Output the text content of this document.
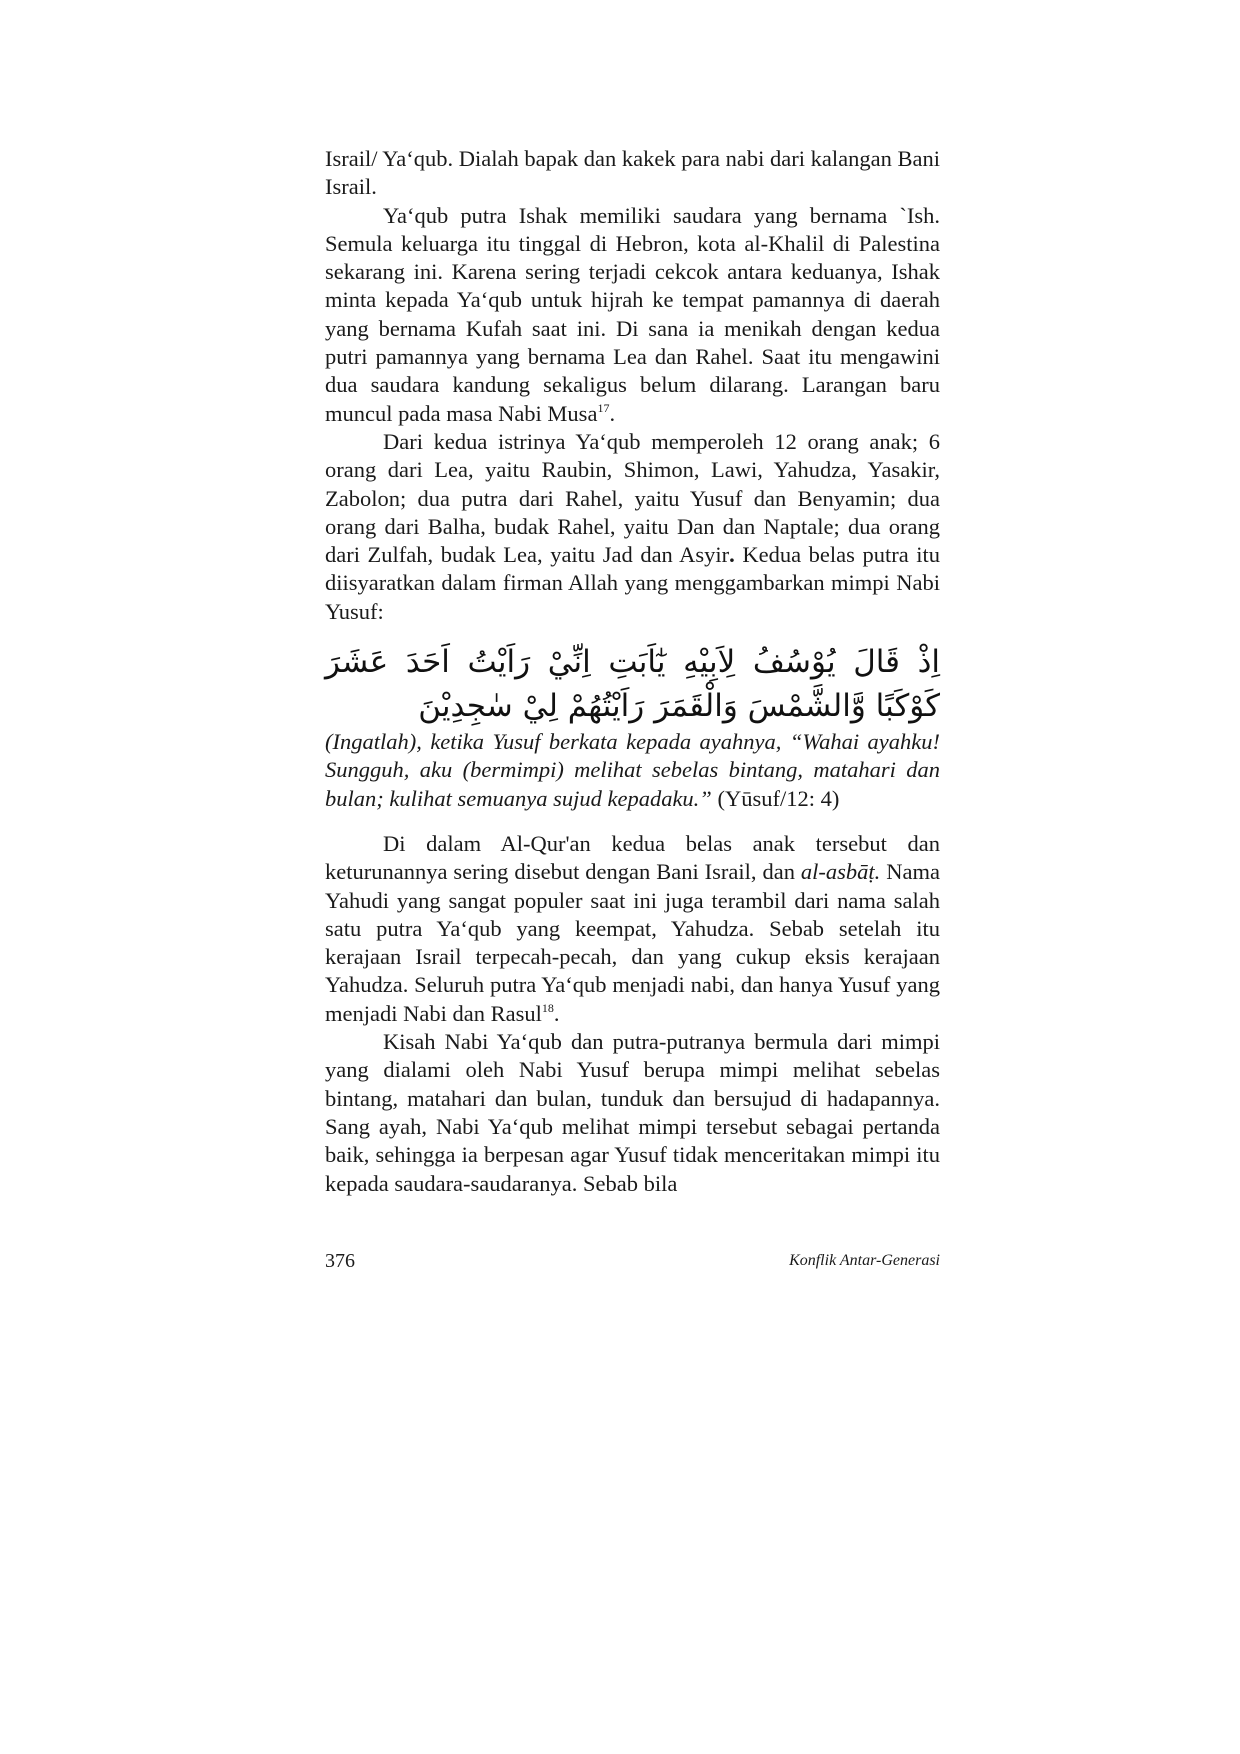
Israil/ Yaʻqub. Dialah bapak dan kakek para nabi dari kalangan Bani Israil.

Yaʻqub putra Ishak memiliki saudara yang bernama `Ish. Semula keluarga itu tinggal di Hebron, kota al-Khalil di Palestina sekarang ini. Karena sering terjadi cekcok antara keduanya, Ishak minta kepada Yaʻqub untuk hijrah ke tempat pamannya di daerah yang bernama Kufah saat ini. Di sana ia menikah dengan kedua putri pamannya yang bernama Lea dan Rahel. Saat itu mengawini dua saudara kandung sekaligus belum dilarang. Larangan baru muncul pada masa Nabi Musa$^{17}$.

Dari kedua istrinya Yaʻqub memperoleh 12 orang anak; 6 orang dari Lea, yaitu Raubin, Shimon, Lawi, Yahudza, Yasakir, Zabolon; dua putra dari Rahel, yaitu Yusuf dan Benyamin; dua orang dari Balha, budak Rahel, yaitu Dan dan Naptale; dua orang dari Zulfah, budak Lea, yaitu Jad dan Asyir. Kedua belas putra itu diisyaratkan dalam firman Allah yang menggambarkan mimpi Nabi Yusuf:

اِذْ قَالَ يُوْسُفُ لِاَبِيْهِ يٰٓاَبَتِ اِنِّيْ رَاَيْتُ اَحَدَ عَشَرَ كَوْكَبًا وَّالشَّمْسَ وَالْقَمَرَ رَاَيْتُهُمْ لِيْ سٰجِدِيْنَ
(Ingatlah), ketika Yusuf berkata kepada ayahnya, “Wahai ayahku! Sungguh, aku (bermimpi) melihat sebelas bintang, matahari dan bulan; kulihat semuanya sujud kepadaku.” (Yūsuf/12: 4)

Di dalam Al-Qur'an kedua belas anak tersebut dan keturunannya sering disebut dengan Bani Israil, dan al-asbāṭ. Nama Yahudi yang sangat populer saat ini juga terambil dari nama salah satu putra Yaʻqub yang keempat, Yahudza. Sebab setelah itu kerajaan Israil terpecah-pecah, dan yang cukup eksis kerajaan Yahudza. Seluruh putra Yaʻqub menjadi nabi, dan hanya Yusuf yang menjadi Nabi dan Rasul$^{18}$.

Kisah Nabi Yaʻqub dan putra-putranya bermula dari mimpi yang dialami oleh Nabi Yusuf berupa mimpi melihat sebelas bintang, matahari dan bulan, tunduk dan bersujud di hadapannya. Sang ayah, Nabi Yaʻqub melihat mimpi tersebut sebagai pertanda baik, sehingga ia berpesan agar Yusuf tidak menceritakan mimpi itu kepada saudara-saudaranya. Sebab bila

376	Konflik Antar-Generasi
